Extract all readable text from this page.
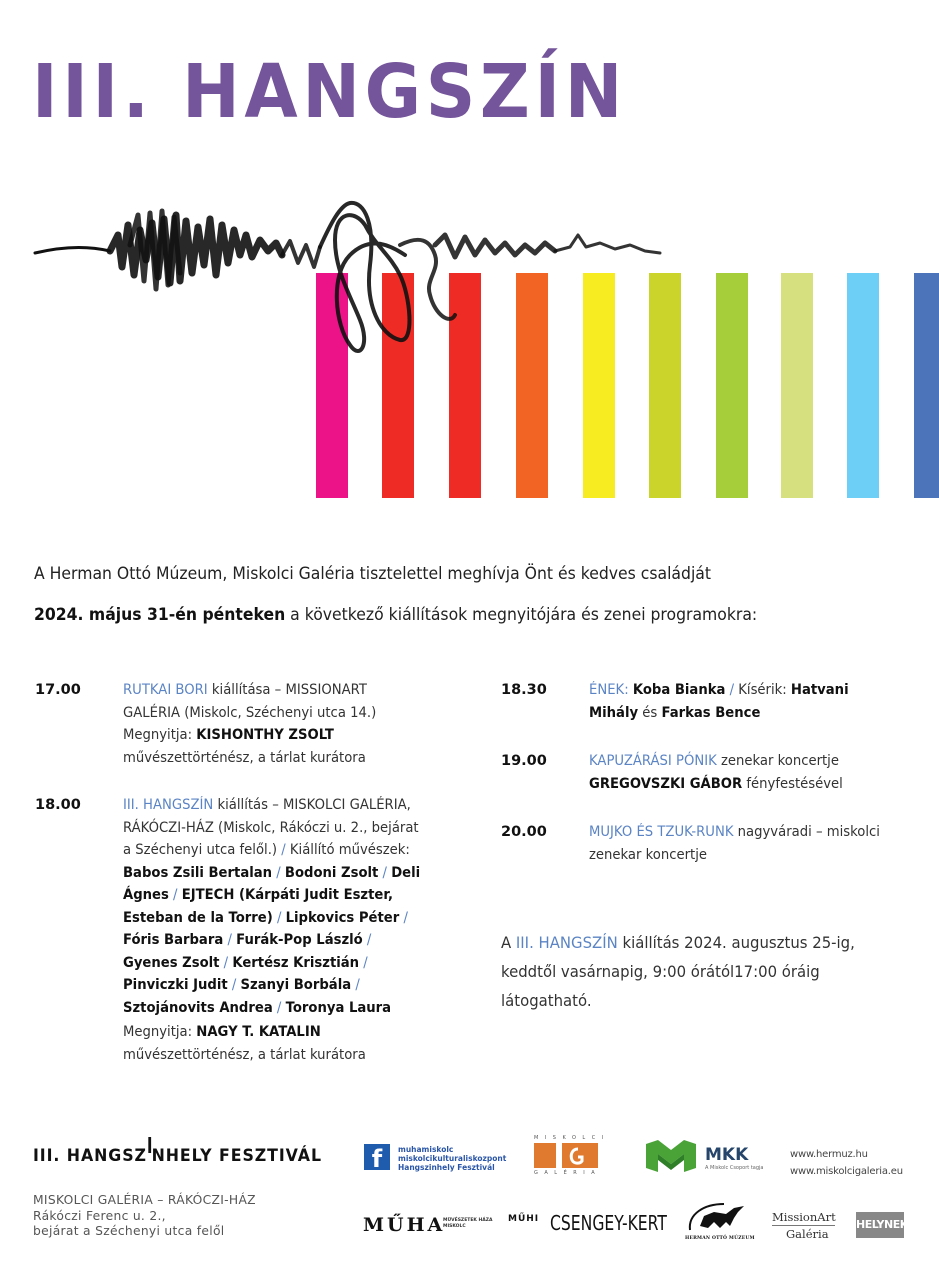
III. HANGSZÍN
A Herman Ottó Múzeum, Miskolci Galéria tisztelettel meghívja Önt és kedves családját
2024. május 31-én pénteken a következő kiállítások megnyitójára és zenei programokra:
17.00	RUTKAI BORI kiállítása – MISSIONART GALÉRIA (Miskolc, Széchenyi utca 14.)
Megnyitja: KISHONTHY ZSOLT
művészettörténész, a tárlat kurátora
18.00	III. HANGSZÍN kiállítás – MISKOLCI GALÉRIA, RÁKÓCZI-HÁZ (Miskolc, Rákóczi u. 2., bejárat a Széchenyi utca felől.) / Kiállító művészek: Babos Zsili Bertalan / Bodoni Zsolt / Deli Ágnes / EJTECH (Kárpáti Judit Eszter, Esteban de la Torre) / Lipkovics Péter / Fóris Barbara / Furák-Pop László / Gyenes Zsolt / Kertész Krisztián / Pinviczki Judit / Szanyi Borbála / Sztojánovits Andrea / Toronya Laura
Megnyitja: NAGY T. KATALIN
művészettörténész, a tárlat kurátora
18.30	ÉNEK: Koba Bianka / Kísérik: Hatvani Mihály és Farkas Bence
19.00	KAPUZÁRÁSI PÓNIK zenekar koncertje
GREGOVSZKI GÁBOR fényfestésével
20.00	MUJKO ÉS TZUK-RUNK nagyváradi – miskolci zenekar koncertje
A III. HANGSZÍN kiállítás 2024. augusztus 25-ig, keddtől vasárnapig, 9:00 órától17:00 óráig látogatható.
III. HANGSZ NHELY FESZTIVÁL
MISKOLCI GALÉRIA – RÁKÓCZI-HÁZ
Rákóczi Ferenc u. 2.,
bejárat a Széchenyi utca felől
f	muhamiskolc
miskolcikulturaliskozpont
Hangszinhely Fesztivál
MISKOLCI
GALÉRIA
MKK
A Miskolc Csoport tagja
www.hermuz.hu
www.miskolcigaleria.eu
MŰHA
MŰVÉSZETEK HÁZA
MISKOLC
MŰHI CSENGEY-KERT
HERMAN OTTÓ MÚZEUM
MissionArt
Galéria
HELYNEKEM
